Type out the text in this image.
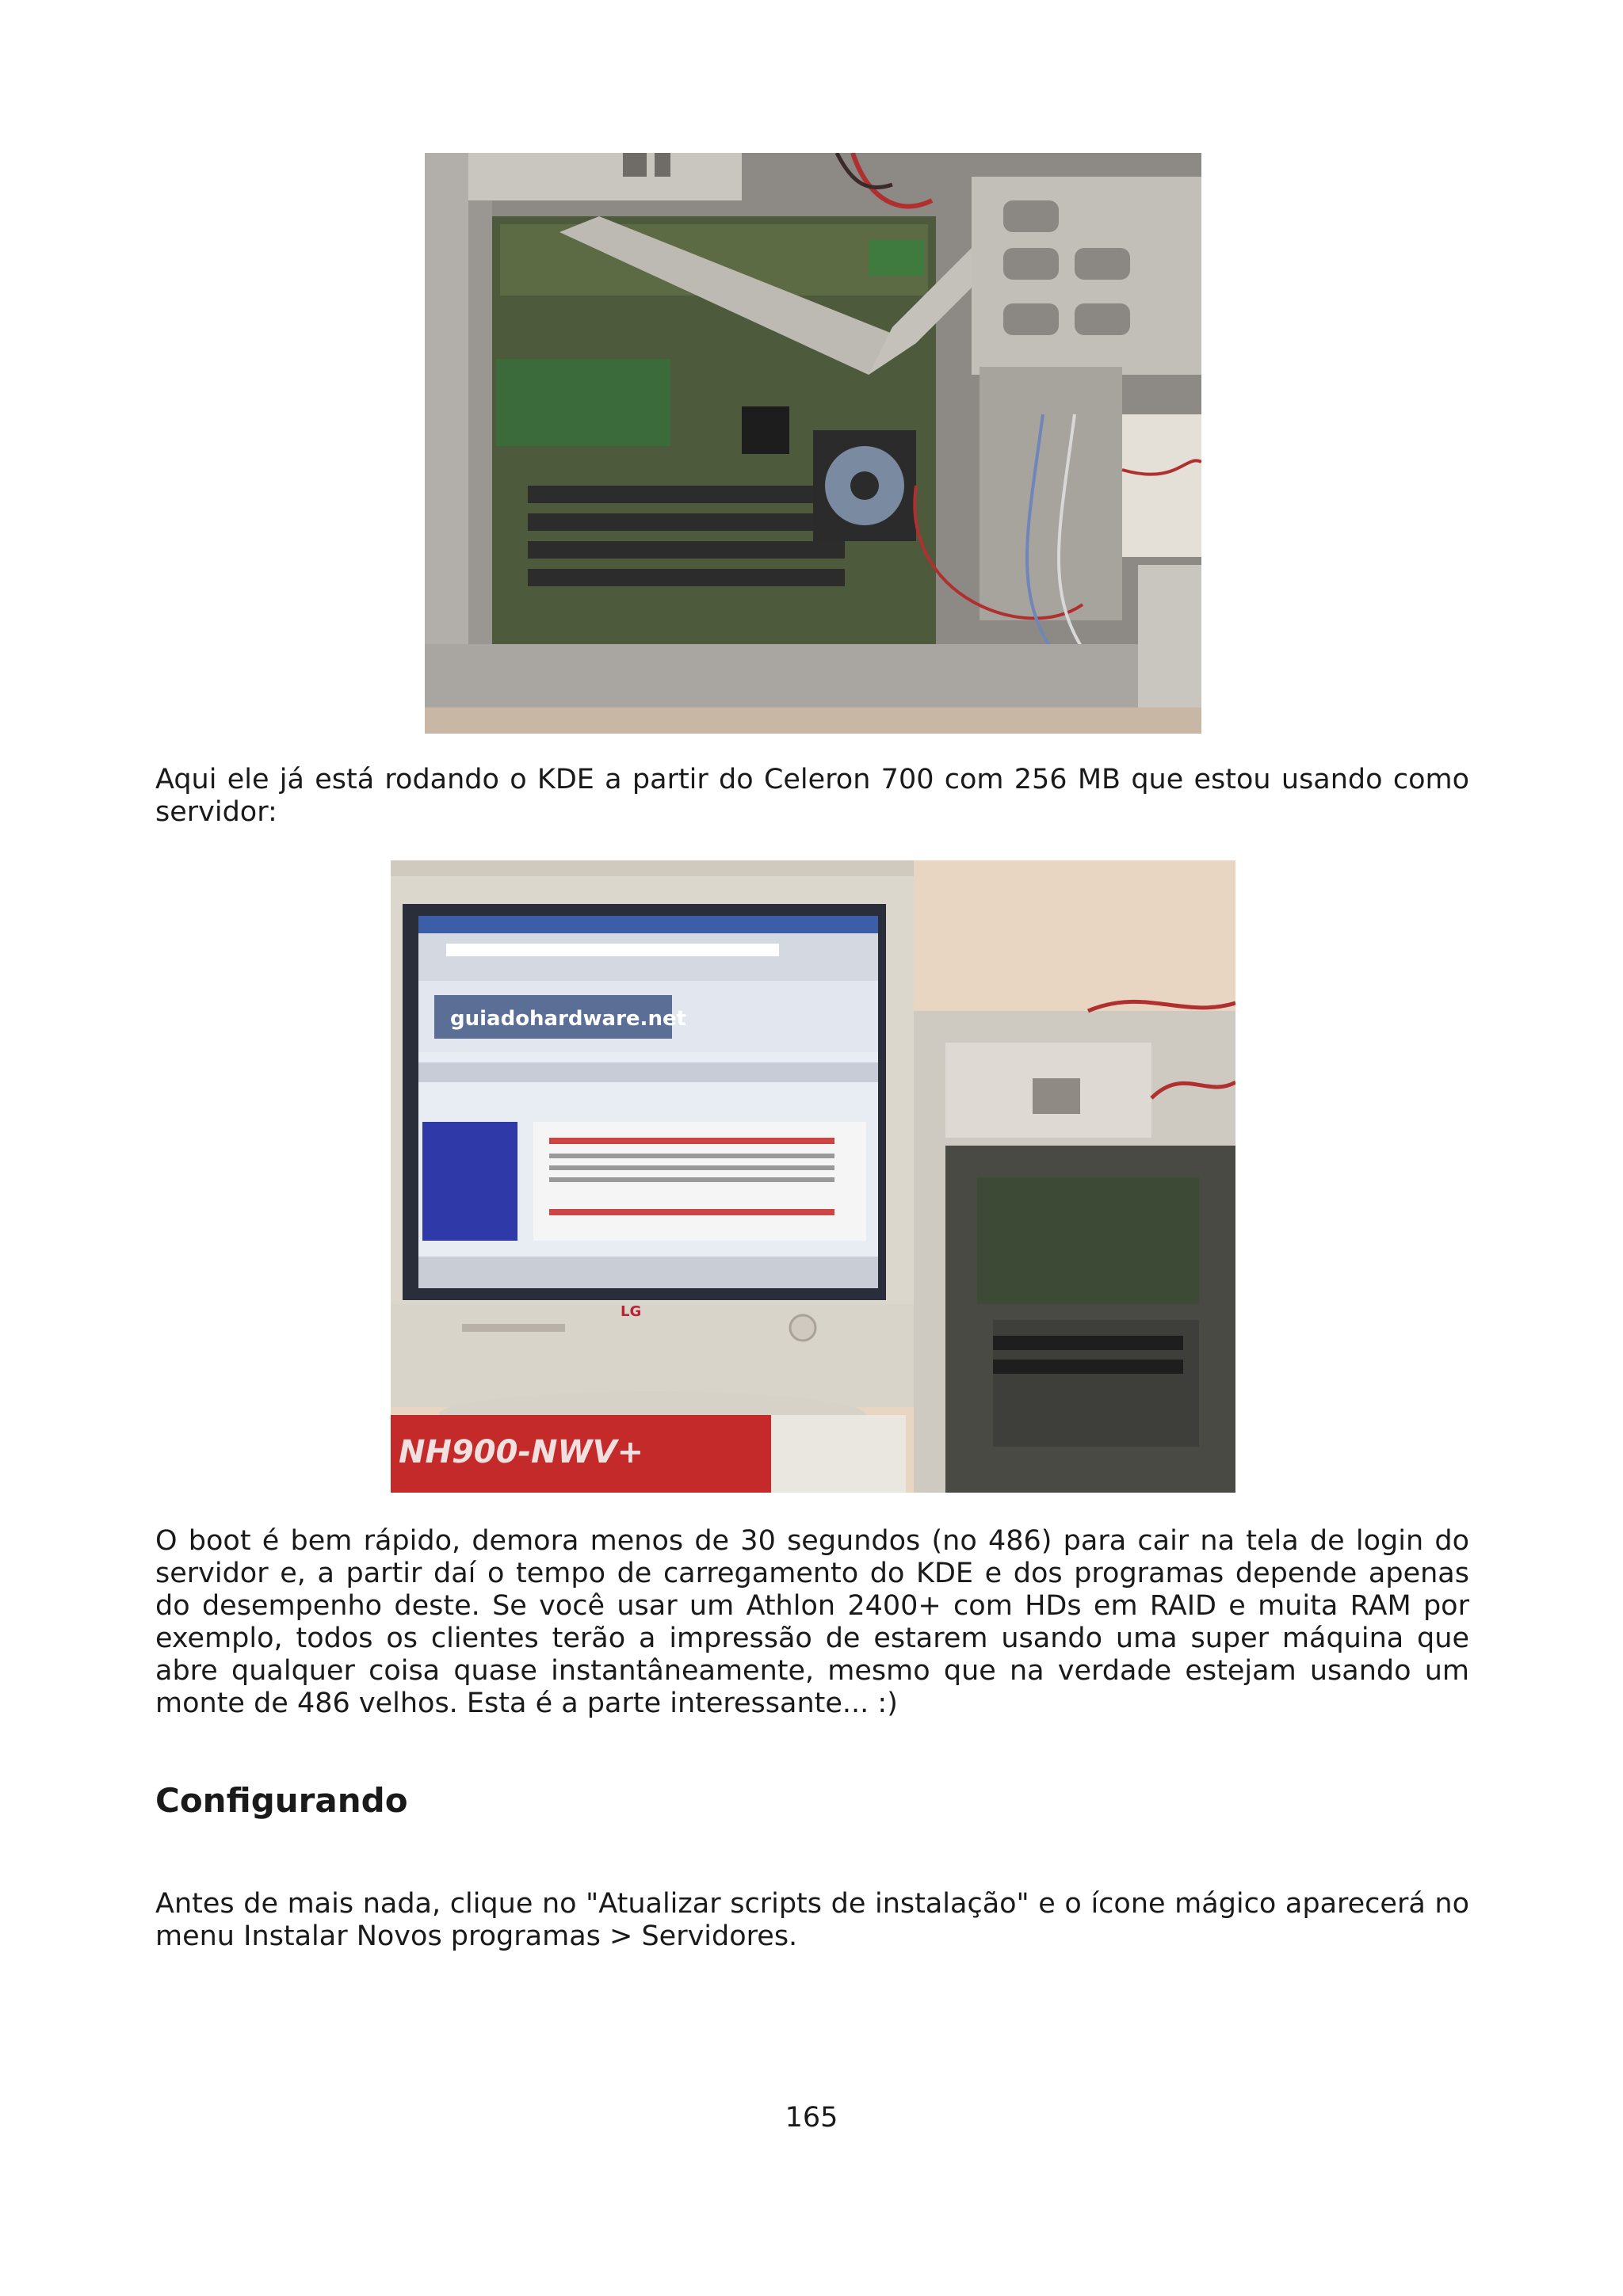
Aqui ele já está rodando o KDE a partir do Celeron 700 com 256 MB que estou usando como servidor:

guiadohardware.net
LG
NH900-NWV+

O boot é bem rápido, demora menos de 30 segundos (no 486) para cair na tela de login do servidor e, a partir daí o tempo de carregamento do KDE e dos programas depende apenas do desempenho deste. Se você usar um Athlon 2400+ com HDs em RAID e muita RAM por exemplo, todos os clientes terão a impressão de estarem usando uma super máquina que abre qualquer coisa quase instantâneamente, mesmo que na verdade estejam usando um monte de 486 velhos. Esta é a parte interessante... :)

Configurando

Antes de mais nada, clique no "Atualizar scripts de instalação" e o ícone mágico aparecerá no menu Instalar Novos programas > Servidores.

165
